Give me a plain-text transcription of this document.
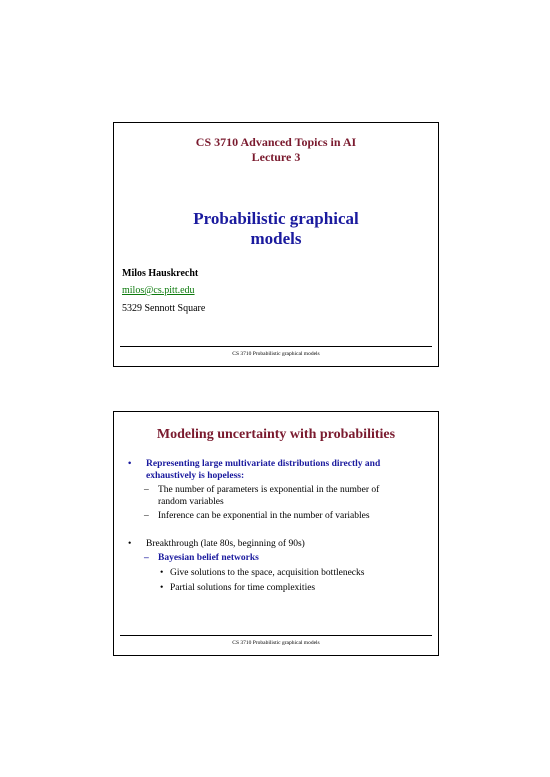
CS 3710 Advanced Topics in AI
Lecture 3
Probabilistic graphical
models
Milos Hauskrecht
milos@cs.pitt.edu
5329 Sennott Square
CS 3710 Probabilistic graphical models
Modeling uncertainty with probabilities
• Representing large multivariate distributions directly and
exhaustively is hopeless:
– The number of parameters is exponential in the number of
random variables
– Inference can be exponential in the number of variables
• Breakthrough (late 80s, beginning of 90s)
– Bayesian belief networks
• Give solutions to the space, acquisition bottlenecks
• Partial solutions for time complexities
CS 3710 Probabilistic graphical models
